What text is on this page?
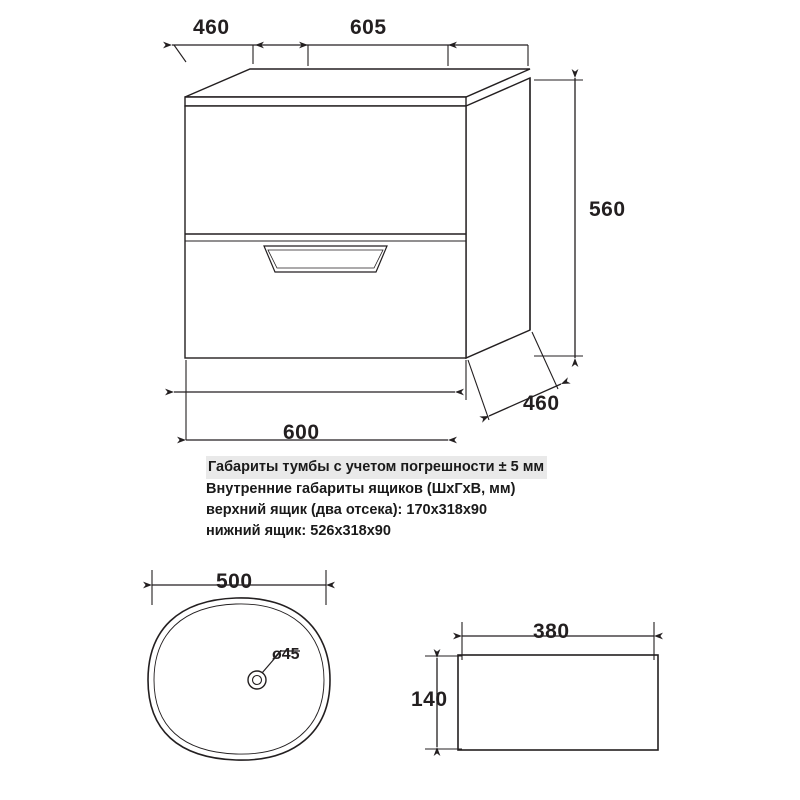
460	605
560
460
600
500
ø45
380
140
Габариты тумбы с учетом погрешности ± 5 мм
Внутренние габариты ящиков (ШхГхВ, мм)
верхний ящик (два отсека): 170х318х90
нижний ящик: 526х318х90
